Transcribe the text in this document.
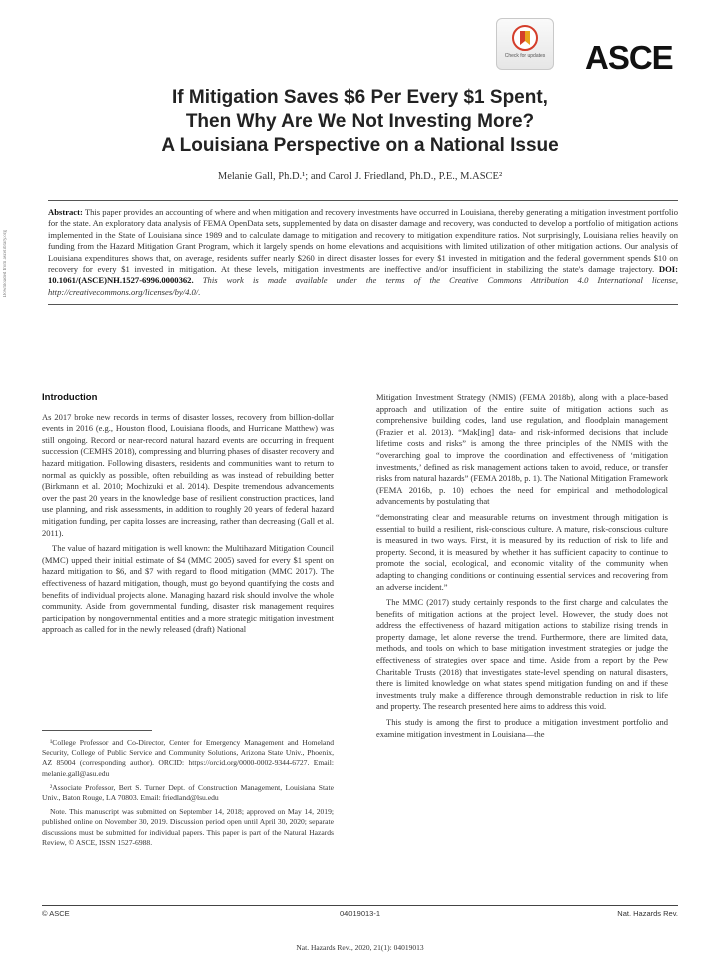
Downloaded from ascelibrary.org
Check for updates ASCE
If Mitigation Saves $6 Per Every $1 Spent,
Then Why Are We Not Investing More?
A Louisiana Perspective on a National Issue
Melanie Gall, Ph.D.¹; and Carol J. Friedland, Ph.D., P.E., M.ASCE²
Abstract: This paper provides an accounting of where and when mitigation and recovery investments have occurred in Louisiana, thereby generating a mitigation investment portfolio for the state. An exploratory data analysis of FEMA OpenData sets, supplemented by data on disaster damage and recovery, was conducted to develop a portfolio of mitigation actions implemented in the State of Louisiana since 1989 and to calculate damage to mitigation and recovery to mitigation expenditure ratios. Not surprisingly, Louisiana relies heavily on funding from the Hazard Mitigation Grant Program, which it largely spends on home elevations and acquisitions with limited utilization of other mitigation actions. Our analysis of Louisiana expenditures shows that, on average, residents suffer nearly $260 in direct disaster losses for every $1 invested in mitigation and the federal government spends $10 on recovery for every $1 invested in mitigation. At these levels, mitigation investments are ineffective and/or insufficient in stabilizing the state's damage trajectory. DOI: 10.1061/(ASCE)NH.1527-6996.0000362. This work is made available under the terms of the Creative Commons Attribution 4.0 International license, http://creativecommons.org/licenses/by/4.0/.
Introduction

As 2017 broke new records in terms of disaster losses, recovery from billion-dollar events in 2016 (e.g., Houston flood, Louisiana floods, and Hurricane Matthew) was still ongoing. Record or near-record natural hazard events are occurring in frequent succession (CEMHS 2018), compressing and blurring phases of disaster recovery and hazard mitigation. Following disasters, residents and communities want to return to normal as quickly as possible, often rebuilding as was instead of rebuilding better (Birkmann et al. 2010; Mochizuki et al. 2014). Despite tremendous advancements over the past 20 years in the knowledge base of resilient construction practices, land use planning, and risk assessments, in addition to roughly 20 years of federal hazard mitigation funding, per capita losses are increasing, rather than decreasing (Gall et al. 2011).

The value of hazard mitigation is well known: the Multihazard Mitigation Council (MMC) upped their initial estimate of $4 (MMC 2005) saved for every $1 spent on hazard mitigation to $6, and $7 with regard to flood mitigation (MMC 2017). The effectiveness of hazard mitigation, though, must go beyond quantifying the costs and benefits of individual projects alone. Managing hazard risk should involve the whole community. Aside from governmental funding, disaster risk management requires participation by nongovernmental entities and a more strategic mitigation investment approach as called for in the newly released (draft) National

¹College Professor and Co-Director, Center for Emergency Management and Homeland Security, College of Public Service and Community Solutions, Arizona State Univ., Phoenix, AZ 85004 (corresponding author). ORCID: https://orcid.org/0000-0002-9344-6727. Email: melanie.gall@asu.edu

²Associate Professor, Bert S. Turner Dept. of Construction Management, Louisiana State Univ., Baton Rouge, LA 70803. Email: friedland@lsu.edu

Note. This manuscript was submitted on September 14, 2018; approved on May 14, 2019; published online on November 30, 2019. Discussion period open until April 30, 2020; separate discussions must be submitted for individual papers. This paper is part of the Natural Hazards Review, © ASCE, ISSN 1527-6988.

Mitigation Investment Strategy (NMIS) (FEMA 2018b), along with a place-based approach and utilization of the entire suite of mitigation actions such as comprehensive building codes, land use regulation, and floodplain management (Frazier et al. 2013). “Mak[ing] data- and risk-informed decisions that include lifetime costs and risks” is among the three principles of the NMIS with the “overarching goal to improve the coordination and effectiveness of ‘mitigation investments,’ defined as risk management actions taken to avoid, reduce, or transfer risks from natural hazards” (FEMA 2018b, p. 1). The National Mitigation Framework (FEMA 2016b, p. 10) echoes the need for empirical and methodological advancements by postulating that

“demonstrating clear and measurable returns on investment through mitigation is essential to build a resilient, risk-conscious culture. A mature, risk-conscious culture is measured in two ways. First, it is measured by its reduction of risk to life and property. Second, it is measured by whether it has sufficient capacity to continue to promote the social, ecological, and economic vitality of the community when adapting to changing conditions or continuing essential services and recovering from an adverse incident.”

The MMC (2017) study certainly responds to the first charge and calculates the benefits of mitigation actions at the project level. However, the study does not address the effectiveness of hazard mitigation actions to stabilize rising trends in property damage, let alone reverse the trend. Furthermore, there are limited data, methods, and tools on which to base mitigation investment strategies or judge the effectiveness of strategies over space and time. Aside from a report by the Pew Charitable Trusts (2018) that investigates state-level spending on natural disasters, there is limited knowledge on what states spend mitigation funding on and if these investments truly make a difference through demonstrable reduction in risk to life and property. The research presented here aims to address this void.

This study is among the first to produce a mitigation investment portfolio and examine mitigation investment in Louisiana—the

© ASCE	04019013-1	Nat. Hazards Rev.
Nat. Hazards Rev., 2020, 21(1): 04019013
